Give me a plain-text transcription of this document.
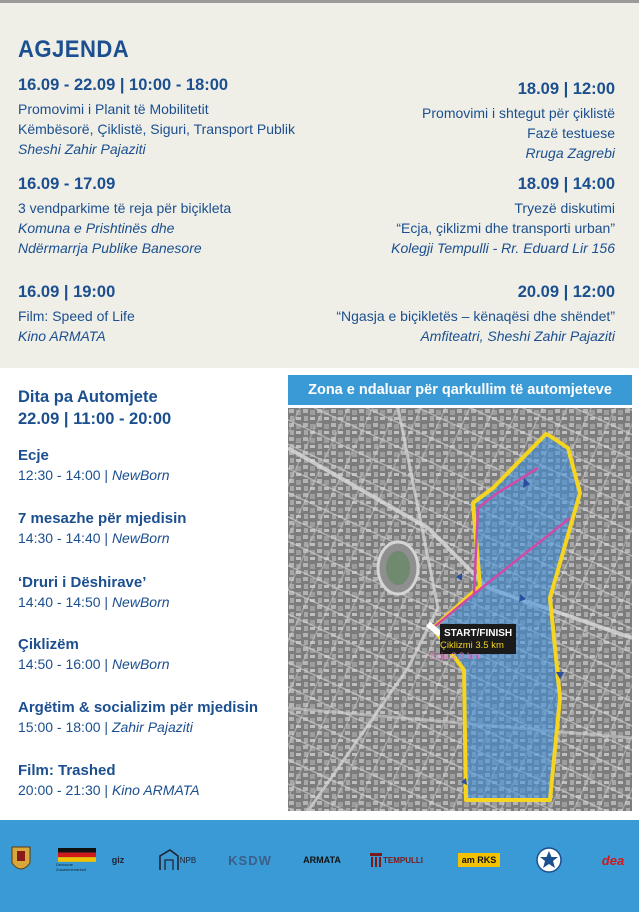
AGJENDA
16.09 - 22.09 | 10:00 - 18:00
Promovimi i Planit të Mobilitetit
Këmbësorë, Çiklistë, Siguri, Transport Publik
Sheshi Zahir Pajaziti
18.09 | 12:00
Promovimi i shtegut për çiklistë
Fazë testuese
Rruga Zagrebi
16.09 - 17.09
3 vendparkime të reja për biçikleta
Komuna e Prishtinës dhe
Ndërmarrja Publike Banesore
18.09 | 14:00
Tryezë diskutimi
“Ecja, çiklizmi dhe transporti urban”
Kolegji Tempulli - Rr. Eduard Lir 156
16.09 | 19:00
Film: Speed of Life
Kino ARMATA
20.09 | 12:00
“Ngasja e biçikletës – kënaqësi dhe shëndet”
Amfiteatri, Sheshi Zahir Pajaziti
Dita pa Automjete
22.09 | 11:00 - 20:00
Ecje
12:30 - 14:00 | NewBorn
7 mesazhe për mjedisin
14:30 - 14:40 | NewBorn
‘Druri i Dëshirave’
14:40 - 14:50 | NewBorn
Çiklizëm
14:50 - 16:00 | NewBorn
Argëtim & socializim për mjedisin
15:00 - 18:00 | Zahir Pajaziti
Film: Trashed
20:00 - 21:30 | Kino ARMATA
Zona e ndaluar për qarkullim të automjeteve
START/FINISH
Çiklizmi 3.5 km
Ecja 2.3 km
Deutsche Zusammenarbeit
giz	NPB	KSDW	ARMATA	TEMPULLI	am RKS	dea
